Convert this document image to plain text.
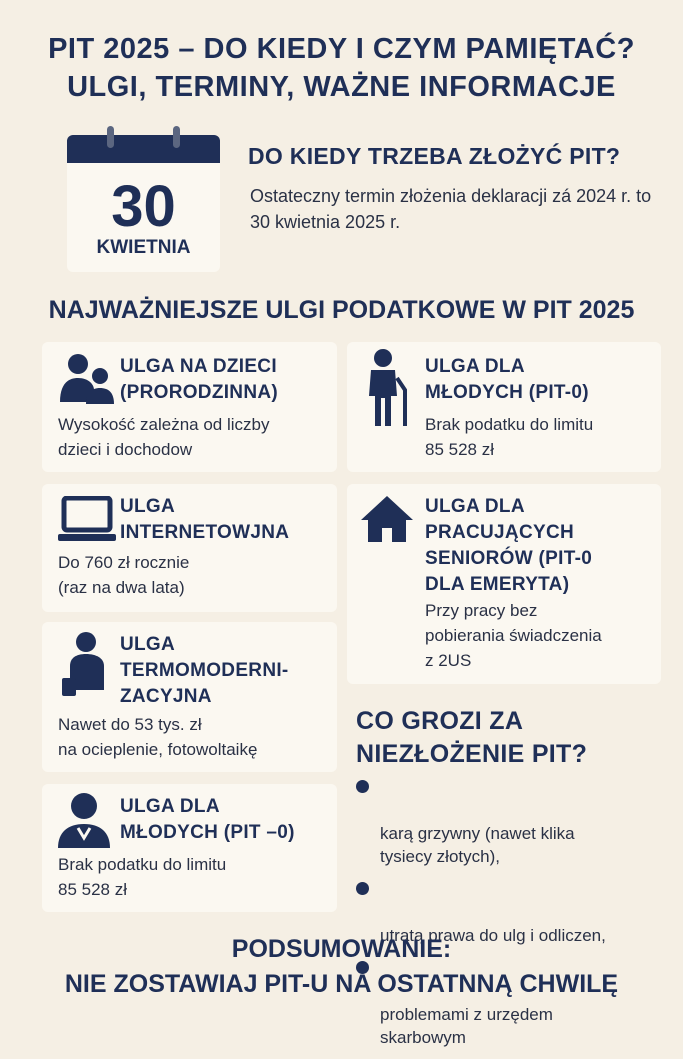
PIT 2025 – DO KIEDY I CZYM PAMIĘTAĆ?
ULGI, TERMINY, WAŻNE INFORMACJE
30
KWIETNIA
DO KIEDY TRZEBA ZŁOŻYĆ PIT?
Ostateczny termin złożenia deklaracji zá 2024 r. to 30 kwietnia 2025 r.
NAJWAŻNIEJSZE ULGI PODATKOWE W PIT 2025
ULGA NA DZIECI
(PRORODZINNA)
Wysokość zależna od liczby
dzieci i dochodow
ULGA DLA
MŁODYCH (PIT-0)
Brak podatku do limitu
85 528 zł
ULGA
INTERNETOWJNA
Do 760 zł rocznie
(raz na dwa lata)
ULGA DLA
PRACUJĄCYCH
SENIORÓW (PIT-0
DLA EMERYTA)
Przy pracy bez
pobierania świadczenia
z 2US
ULGA
TERMOMODERNI-
ZACYJNA
Nawet do 53 tys. zł
na ocieplenie, fotowoltaikę
ULGA DLA
MŁODYCH (PIT –0)
Brak podatku do limitu
85 528 zł
CO GROZI ZA
NIEZŁOŻENIE PIT?

karą grzywny (nawet klika
tysiecy złotych),

utratą prawa do ulg i odliczen,

problemami z urzędem
skarbowym

PODSUMOWANIE:
NIE ZOSTAWIAJ PIT-U NA OSTATNNĄ CHWILĘ
